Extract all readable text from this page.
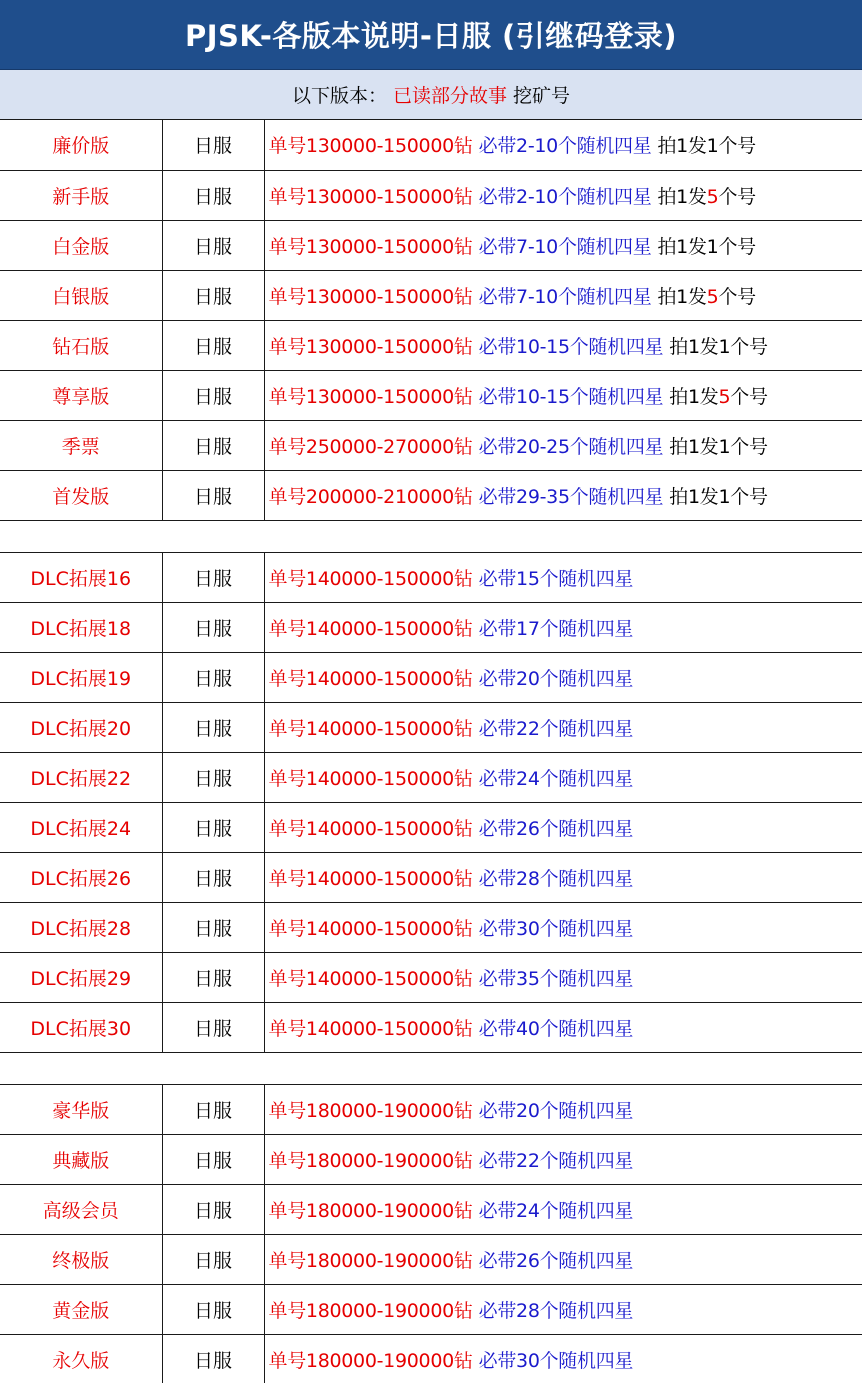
PJSK-各版本说明-日服 (引继码登录)
以下版本： 已读部分故事 挖矿号
廉价版	日服	单号130000-150000钻 必带2-10个随机四星 拍1发1个号
新手版	日服	单号130000-150000钻 必带2-10个随机四星 拍1发5个号
白金版	日服	单号130000-150000钻 必带7-10个随机四星 拍1发1个号
白银版	日服	单号130000-150000钻 必带7-10个随机四星 拍1发5个号
钻石版	日服	单号130000-150000钻 必带10-15个随机四星 拍1发1个号
尊享版	日服	单号130000-150000钻 必带10-15个随机四星 拍1发5个号
季票	日服	单号250000-270000钻 必带20-25个随机四星 拍1发1个号
首发版	日服	单号200000-210000钻 必带29-35个随机四星 拍1发1个号

DLC拓展16	日服	单号140000-150000钻 必带15个随机四星
DLC拓展18	日服	单号140000-150000钻 必带17个随机四星
DLC拓展19	日服	单号140000-150000钻 必带20个随机四星
DLC拓展20	日服	单号140000-150000钻 必带22个随机四星
DLC拓展22	日服	单号140000-150000钻 必带24个随机四星
DLC拓展24	日服	单号140000-150000钻 必带26个随机四星
DLC拓展26	日服	单号140000-150000钻 必带28个随机四星
DLC拓展28	日服	单号140000-150000钻 必带30个随机四星
DLC拓展29	日服	单号140000-150000钻 必带35个随机四星
DLC拓展30	日服	单号140000-150000钻 必带40个随机四星

豪华版	日服	单号180000-190000钻 必带20个随机四星
典藏版	日服	单号180000-190000钻 必带22个随机四星
高级会员	日服	单号180000-190000钻 必带24个随机四星
终极版	日服	单号180000-190000钻 必带26个随机四星
黄金版	日服	单号180000-190000钻 必带28个随机四星
永久版	日服	单号180000-190000钻 必带30个随机四星
